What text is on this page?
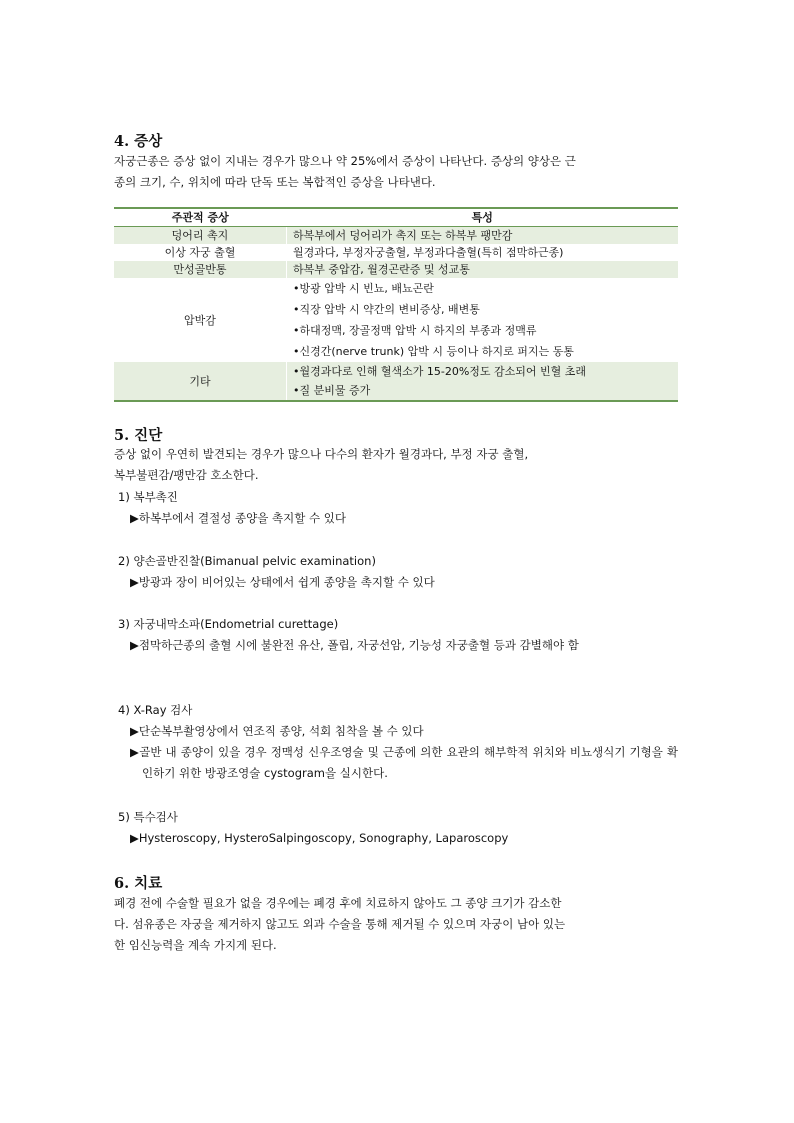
4. 증상
자궁근종은 증상 없이 지내는 경우가 많으나 약 25%에서 증상이 나타난다. 증상의 양상은 근
종의 크기, 수, 위치에 따라 단독 또는 복합적인 증상을 나타낸다.
주관적 증상	특성
덩어리 촉지	하복부에서 덩어리가 촉지 또는 하복부 팽만감
이상 자궁 출혈	월경과다, 부정자궁출혈, 부정과다출혈(특히 점막하근종)
만성골반통	하복부 중압감, 월경곤란증 및 성교통
압박감	•방광 압박 시 빈뇨, 배뇨곤란
•직장 압박 시 약간의 변비증상, 배변통
•하대정맥, 장골정맥 압박 시 하지의 부종과 정맥류
•신경간(nerve trunk) 압박 시 등이나 하지로 퍼지는 동통

기타	•월경과다로 인해 혈색소가 15-20%정도 감소되어 빈혈 초래
•질 분비물 증가
5. 진단
증상 없이 우연히 발견되는 경우가 많으나 다수의 환자가 월경과다, 부정 자궁 출혈,
복부불편감/팽만감 호소한다.
1) 복부촉진
▶하복부에서 결절성 종양을 촉지할 수 있다
2) 양손골반진찰(Bimanual pelvic examination)
▶방광과 장이 비어있는 상태에서 쉽게 종양을 촉지할 수 있다
3) 자궁내막소파(Endometrial curettage)
▶점막하근종의 출혈 시에 불완전 유산, 폴립, 자궁선암, 기능성 자궁출혈 등과 감별해야 함
4) X-Ray 검사
▶단순복부촬영상에서 연조직 종양, 석회 침착을 볼 수 있다
▶골반 내 종양이 있을 경우 정맥성 신우조영술 및 근종에 의한 요관의 해부학적 위치와 비뇨생식기 기형을 확인하기 위한 방광조영술 cystogram을 실시한다.
5) 특수검사
▶Hysteroscopy, HysteroSalpingoscopy, Sonography, Laparoscopy
6. 치료
폐경 전에 수술할 필요가 없을 경우에는 폐경 후에 치료하지 않아도 그 종양 크기가 감소한
다. 섬유종은 자궁을 제거하지 않고도 외과 수술을 통해 제거될 수 있으며 자궁이 남아 있는
한 임신능력을 계속 가지게 된다.
